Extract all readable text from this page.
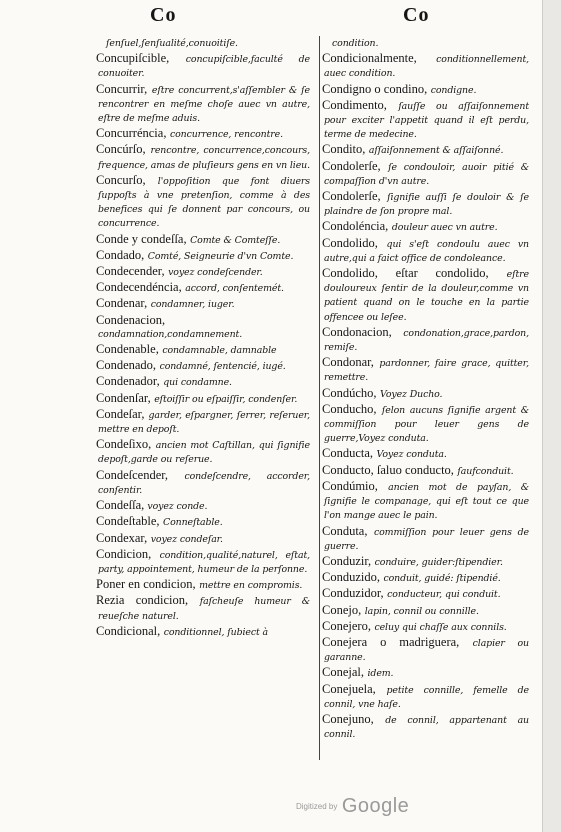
Co	Co
ſenſuel,ſenſualité,conuoitiſe.
Concupiſcible, concupiſcible,faculté de conuoiter.
Concurrir, eſtre concurrent,s'aſſembler & ſe rencontrer en meſme choſe auec vn autre, eſtre de meſme aduis.
Concurréncia, concurrence, rencontre.
Concúrſo, rencontre, concurrence,concours, frequence, amas de pluſieurs gens en vn lieu.
Concurſo, l'oppoſition que font diuers ſuppoſts à vne pretenſion, comme à des benefices qui ſe donnent par concours, ou concurrence.
Conde y condeſſa, Comte & Comteſſe.
Condado, Comté, Seigneurie d'vn Comte.
Condecender, voyez condeſcender.
Condecendéncia, accord, conſentemét.
Condenar, condamner, iuger.
Condenacion, condamnation,condamnement.
Condenable, condamnable, damnable
Condenado, condamné, ſentencié, iugé.
Condenador, qui condamne.
Condenſar, eſtoiſſir ou eſpaiſſir, condenſer.
Condeſar, garder, eſpargner, ſerrer, reſeruer, mettre en depoſt.
Condeſixo, ancien mot Caſtillan, qui ſignifie depoſt,garde ou reſerue.
Condeſcender, condeſcendre, accorder, conſentir.
Condeſſa, voyez conde.
Condeſtable, Conneſtable.
Condexar, voyez condeſar.
Condicion, condition,qualité,naturel, eſtat, party, appointement, humeur de la perſonne.
Poner en condicion, mettre en compromis.
Rezia condicion, faſcheuſe humeur & reueſche naturel.
Condicional, conditionnel, ſubiect à
condition.
Condicionalmente, conditionnellement, auec condition.
Condigno o condino, condigne.
Condimento, ſauſſe ou aſſaiſonnement pour exciter l'appetit quand il eſt perdu, terme de medecine.
Condito, aſſaiſonnement & aſſaiſonné.
Condolerſe, ſe condouloir, auoir pitié & compaſſion d'vn autre.
Condolerſe, ſignifie auſſi ſe douloir & ſe plaindre de ſon propre mal.
Condoléncia, douleur auec vn autre.
Condolido, qui s'eſt condoulu auec vn autre,qui a faict office de condoleance.
Condolido, eſtar condolido, eſtre douloureux ſentir de la douleur,comme vn patient quand on le touche en la partie offencee ou leſee.
Condonacion, condonation,grace,pardon, remiſe.
Condonar, pardonner, faire grace, quitter, remettre.
Condúcho, Voyez Ducho.
Conducho, ſelon aucuns ſignifie argent & commiſſion pour leuer gens de guerre,Voyez conduta.
Conducta, Voyez conduta.
Conducto, ſaluo conducto, ſaufconduit.
Condúmio, ancien mot de payſan, & ſignifie le companage, qui eſt tout ce que l'on mange auec le pain.
Conduta, commiſſion pour leuer gens de guerre.
Conduzir, conduire, guider:ſtipendier.
Conduzido, conduit, guidé: ſtipendié.
Conduzidor, conducteur, qui conduit.
Conejo, lapin, connil ou connille.
Conejero, celuy qui chaſſe aux connils.
Conejera o madriguera, clapier ou garanne.
Conejal, idem.
Conejuela, petite connille, femelle de connil, vne haſe.
Conejuno, de connil, appartenant au connil.
Digitized by Google
